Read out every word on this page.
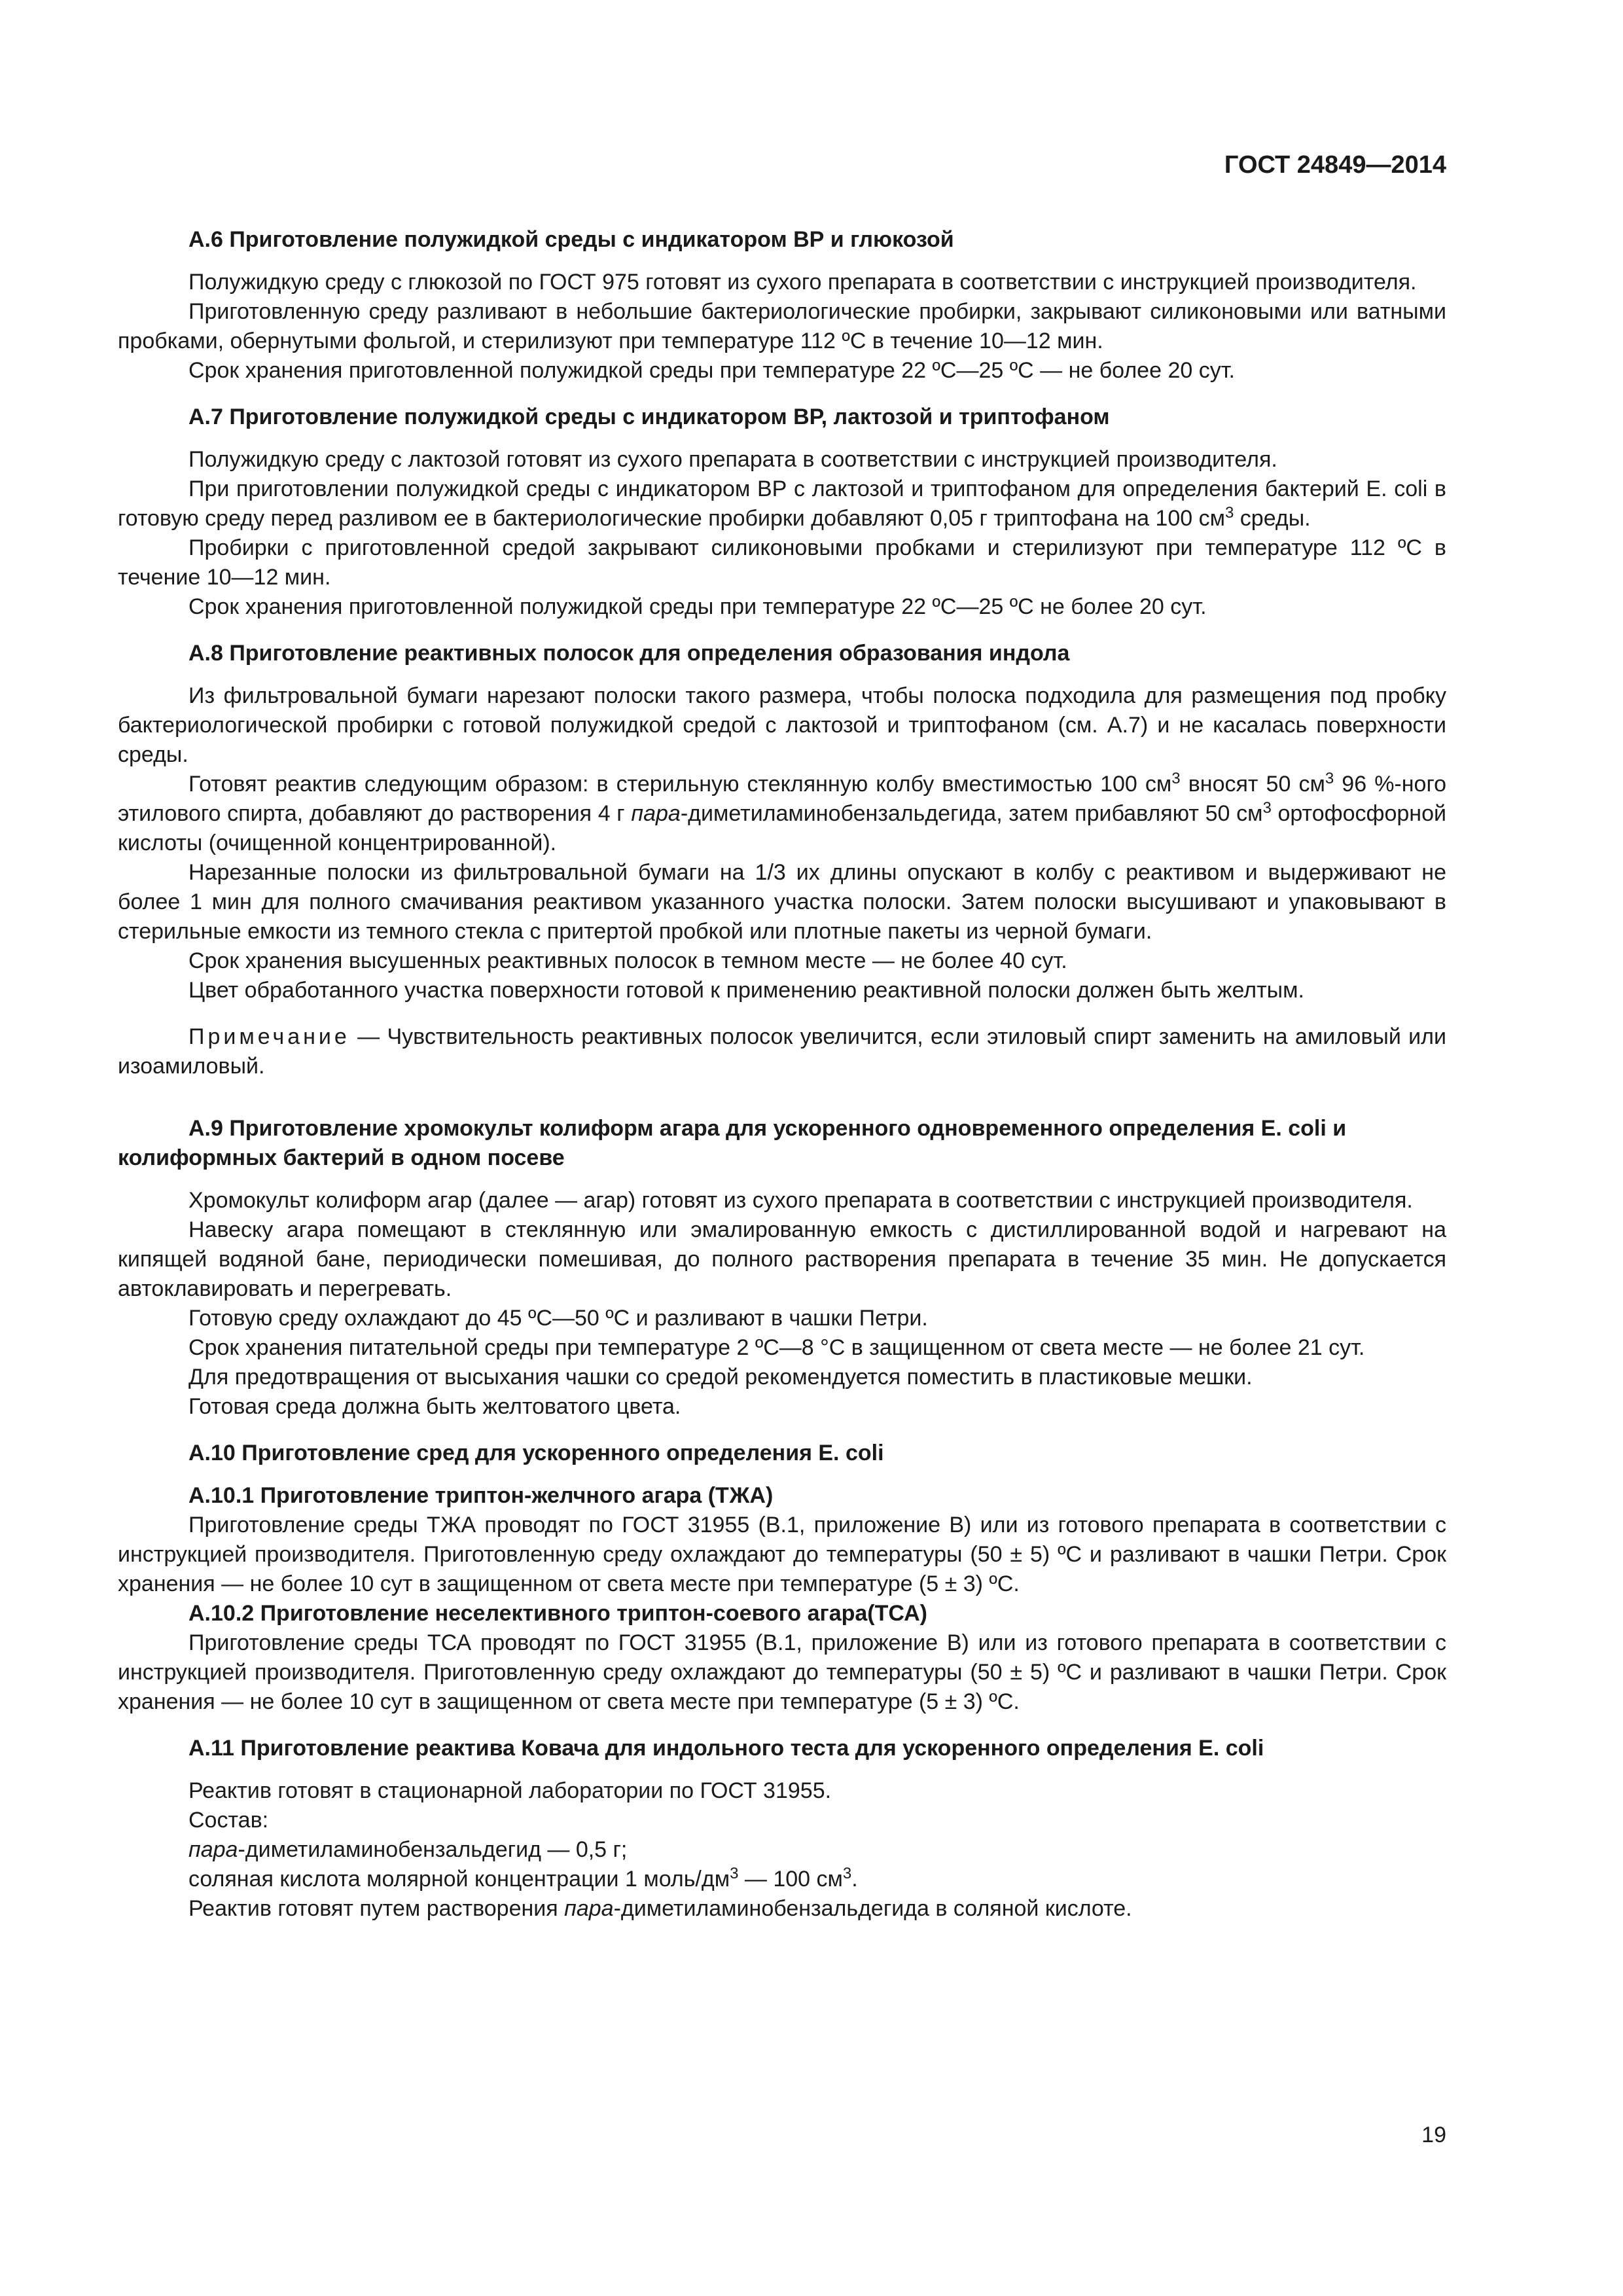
ГОСТ 24849—2014
А.6 Приготовление полужидкой среды с индикатором ВР и глюкозой

Полужидкую среду с глюкозой по ГОСТ 975 готовят из сухого препарата в соответствии с инструкцией производителя.

Приготовленную среду разливают в небольшие бактериологические пробирки, закрывают силиконовыми или ватными пробками, обернутыми фольгой, и стерилизуют при температуре 112 ºС в течение 10—12 мин.

Срок хранения приготовленной полужидкой среды при температуре 22 ºС—25 ºС — не более 20 сут.

А.7 Приготовление полужидкой среды с индикатором ВР, лактозой и триптофаном

Полужидкую среду с лактозой готовят из сухого препарата в соответствии с инструкцией производителя.

При приготовлении полужидкой среды с индикатором ВР с лактозой и триптофаном для определения бактерий E. coli в готовую среду перед разливом ее в бактериологические пробирки добавляют 0,05 г триптофана на 100 $см^3$ среды.

Пробирки с приготовленной средой закрывают силиконовыми пробками и стерилизуют при температуре 112 ºС в течение 10—12 мин.

Срок хранения приготовленной полужидкой среды при температуре 22 ºС—25 ºС не более 20 сут.

А.8 Приготовление реактивных полосок для определения образования индола

Из фильтровальной бумаги нарезают полоски такого размера, чтобы полоска подходила для размещения под пробку бактериологической пробирки с готовой полужидкой средой с лактозой и триптофаном (см. А.7) и не касалась поверхности среды.

Готовят реактив следующим образом: в стерильную стеклянную колбу вместимостью 100 $см^3$ вносят 50 $см^3$ 96 %-ного этилового спирта, добавляют до растворения 4 г пара-диметиламинобензальдегида, затем прибавляют 50 $см^3$ ортофосфорной кислоты (очищенной концентрированной).

Нарезанные полоски из фильтровальной бумаги на 1/3 их длины опускают в колбу с реактивом и выдерживают не более 1 мин для полного смачивания реактивом указанного участка полоски. Затем полоски высушивают и упаковывают в стерильные емкости из темного стекла с притертой пробкой или плотные пакеты из черной бумаги.

Срок хранения высушенных реактивных полосок в темном месте — не более 40 сут.

Цвет обработанного участка поверхности готовой к применению реактивной полоски должен быть желтым.

Примечание — Чувствительность реактивных полосок увеличится, если этиловый спирт заменить на амиловый или изоамиловый.

А.9 Приготовление хромокульт колиформ агара для ускоренного одновременного определения E. coli и колиформных бактерий в одном посеве

Хромокульт колиформ агар (далее — агар) готовят из сухого препарата в соответствии с инструкцией производителя.

Навеску агара помещают в стеклянную или эмалированную емкость с дистиллированной водой и нагревают на кипящей водяной бане, периодически помешивая, до полного растворения препарата в течение 35 мин. Не допускается автоклавировать и перегревать.

Готовую среду охлаждают до 45 ºС—50 ºС и разливают в чашки Петри.

Срок хранения питательной среды при температуре 2 ºС—8 °С в защищенном от света месте — не более 21 сут.

Для предотвращения от высыхания чашки со средой рекомендуется поместить в пластиковые мешки.

Готовая среда должна быть желтоватого цвета.

А.10 Приготовление сред для ускоренного определения E. coli
А.10.1 Приготовление триптон-желчного агара (ТЖА)

Приготовление среды ТЖА проводят по ГОСТ 31955 (В.1, приложение В) или из готового препарата в соответствии с инструкцией производителя. Приготовленную среду охлаждают до температуры (50 ± 5) ºС и разливают в чашки Петри. Срок хранения — не более 10 сут в защищенном от света месте при температуре (5 ± 3) ºС.

А.10.2 Приготовление неселективного триптон-соевого агара(ТСА)

Приготовление среды ТСА проводят по ГОСТ 31955 (В.1, приложение В) или из готового препарата в соответствии с инструкцией производителя. Приготовленную среду охлаждают до температуры (50 ± 5) ºС и разливают в чашки Петри. Срок хранения — не более 10 сут в защищенном от света месте при температуре (5 ± 3) ºС.

А.11 Приготовление реактива Ковача для индольного теста для ускоренного определения E. coli

Реактив готовят в стационарной лаборатории по ГОСТ 31955.

Состав:

пара-диметиламинобензальдегид — 0,5 г;

соляная кислота молярной концентрации 1 моль/$дм^3$ — 100 $см^3$.

Реактив готовят путем растворения пара-диметиламинобензальдегида в соляной кислоте.

19
